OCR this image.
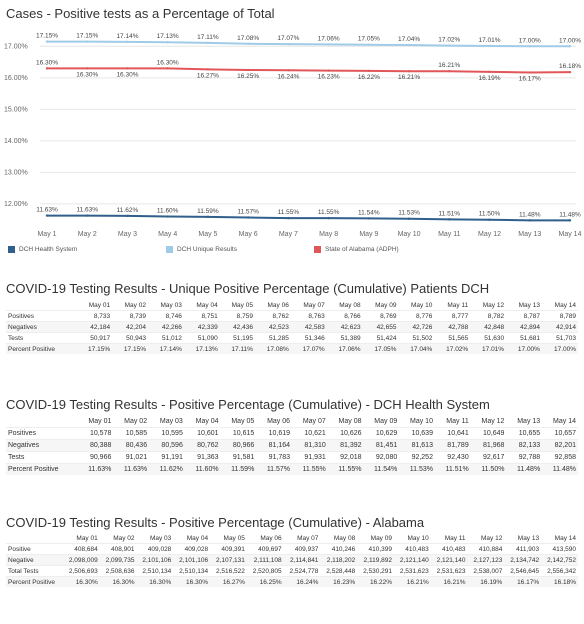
Cases - Positive tests as a Percentage of Total
17.00%
16.00%
15.00%
14.00%
13.00%
12.00%
May 1	May 2	May 3	May 4	May 5	May 6	May 7	May 8	May 9	May 10	May 11	May 12 May 13 May 14
17.15%	17.15%	17.14%	17.13%	17.11%	17.08%	17.07%	17.06%	17.05%	17.04%	17.02%	17.01%	17.00%	17.00%
16.30%
16.30%	16.30%
16.30%
16.27%	16.25%	16.24%	16.23%	16.22%	16.21%
16.21%
16.19%	16.17%
16.18%
11.63%	11.63%	11.62%	11.60%	11.59%	11.57%	11.55%	11.55%	11.54%	11.53%	11.51%	11.50%	11.48%	11.48%
DCH Health System	DCH Unique Results	State of Alabama (ADPH)
COVID-19 Testing Results - Unique Positive Percentage (Cumulative) Patients DCH
	May 01	May 02	May 03	May 04	May 05	May 06	May 07	May 08	May 09	May 10	May 11	May 12	May 13	May 14
Positives	8,733	8,739	8,746	8,751	8,759	8,762	8,763	8,766	8,769	8,776	8,777	8,782	8,787	8,789
Negatives	42,184	42,204	42,266	42,339	42,436	42,523	42,583	42,623	42,655	42,726	42,788	42,848	42,894	42,914
Tests	50,917	50,943	51,012	51,090	51,195	51,285	51,346	51,389	51,424	51,502	51,565	51,630	51,681	51,703
Percent Positive	17.15%	17.15%	17.14%	17.13%	17.11%	17.08%	17.07%	17.06%	17.05%	17.04%	17.02%	17.01%	17.00%	17.00%
COVID-19 Testing Results - Positive Percentage (Cumulative) - DCH Health System
	May 01	May 02	May 03	May 04	May 05	May 06	May 07	May 08	May 09	May 10	May 11	May 12	May 13	May 14
Positives	10,578	10,585	10,595	10,601	10,615	10,619	10,621	10,626	10,629	10,639	10,641	10,649	10,655	10,657
Negatives	80,388	80,436	80,596	80,762	80,966	81,164	81,310	81,392	81,451	81,613	81,789	81,968	82,133	82,201
Tests	90,966	91,021	91,191	91,363	91,581	91,783	91,931	92,018	92,080	92,252	92,430	92,617	92,788	92,858
Percent Positive	11.63%	11.63%	11.62%	11.60%	11.59%	11.57%	11.55%	11.55%	11.54%	11.53%	11.51%	11.50%	11.48%	11.48%
COVID-19 Testing Results - Positive Percentage (Cumulative) - Alabama
	May 01	May 02	May 03	May 04	May 05	May 06	May 07	May 08	May 09	May 10	May 11	May 12	May 13	May 14
Positive	408,684	408,901	409,028	409,028	409,391	409,697	409,937	410,246	410,399	410,483	410,483	410,884	411,903	413,590
Negative	2,098,009	2,099,735	2,101,106	2,101,106	2,107,131	2,111,108	2,114,841	2,118,202	2,119,892	2,121,140	2,121,140	2,127,123	2,134,742	2,142,752
Total Tests	2,506,693	2,508,636	2,510,134	2,510,134	2,516,522	2,520,805	2,524,778	2,528,448	2,530,291	2,531,623	2,531,623	2,538,007	2,546,645	2,556,342
Percent Positive	16.30%	16.30%	16.30%	16.30%	16.27%	16.25%	16.24%	16.23%	16.22%	16.21%	16.21%	16.19%	16.17%	16.18%
